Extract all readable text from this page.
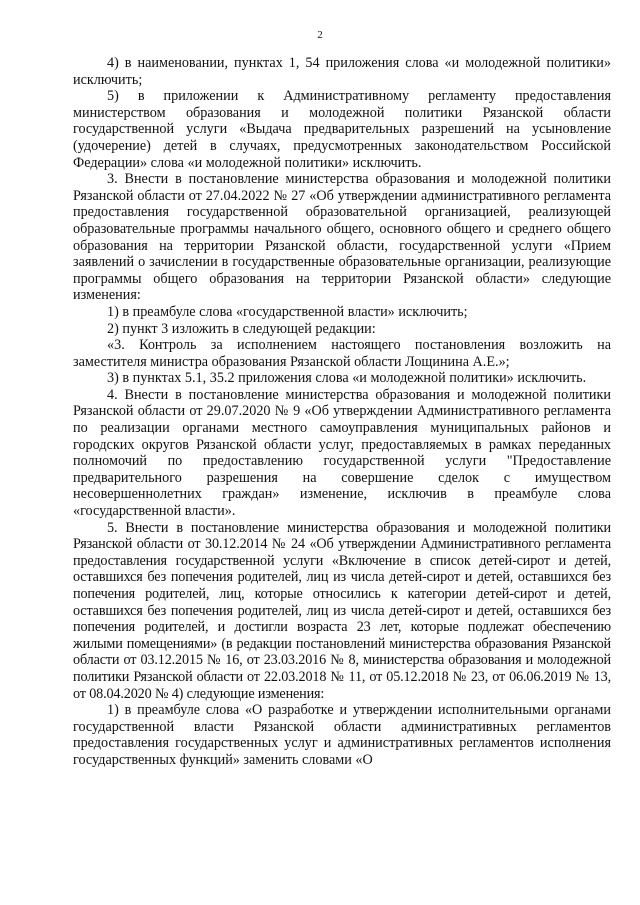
2

4) в наименовании, пунктах 1, 54 приложения слова «и молодежной политики» исключить;

5) в приложении к Административному регламенту предоставления министерством образования и молодежной политики Рязанской области государственной услуги «Выдача предварительных разрешений на усыновление (удочерение) детей в случаях, предусмотренных законодательством Российской Федерации» слова «и молодежной политики» исключить.

3. Внести в постановление министерства образования и молодежной политики Рязанской области от 27.04.2022 № 27 «Об утверждении административного регламента предоставления государственной образовательной организацией, реализующей образовательные программы начального общего, основного общего и среднего общего образования на территории Рязанской области, государственной услуги «Прием заявлений о зачислении в государственные образовательные организации, реализующие программы общего образования на территории Рязанской области» следующие изменения:

1) в преамбуле слова «государственной власти» исключить;

2) пункт 3 изложить в следующей редакции:

«3. Контроль за исполнением настоящего постановления возложить на заместителя министра образования Рязанской области Лощинина А.Е.»;

3) в пунктах 5.1, 35.2 приложения слова «и молодежной политики» исключить.

4. Внести в постановление министерства образования и молодежной политики Рязанской области от 29.07.2020 № 9 «Об утверждении Административного регламента по реализации органами местного самоуправления муниципальных районов и городских округов Рязанской области услуг, предоставляемых в рамках переданных полномочий по предоставлению государственной услуги "Предоставление предварительного разрешения на совершение сделок с имуществом несовершеннолетних граждан» изменение, исключив в преамбуле слова «государственной власти».

5. Внести в постановление министерства образования и молодежной политики Рязанской области от 30.12.2014 № 24 «Об утверждении Административного регламента предоставления государственной услуги «Включение в список детей-сирот и детей, оставшихся без попечения родителей, лиц из числа детей-сирот и детей, оставшихся без попечения родителей, лиц, которые относились к категории детей-сирот и детей, оставшихся без попечения родителей, лиц из числа детей-сирот и детей, оставшихся без попечения родителей, и достигли возраста 23 лет, которые подлежат обеспечению жилыми помещениями» (в редакции постановлений министерства образования Рязанской области от 03.12.2015 № 16, от 23.03.2016 № 8, министерства образования и молодежной политики Рязанской области от 22.03.2018 № 11, от 05.12.2018 № 23, от 06.06.2019 № 13, от 08.04.2020 № 4) следующие изменения:

1) в преамбуле слова «О разработке и утверждении исполнительными органами государственной власти Рязанской области административных регламентов предоставления государственных услуг и административных регламентов исполнения государственных функций» заменить словами «О
